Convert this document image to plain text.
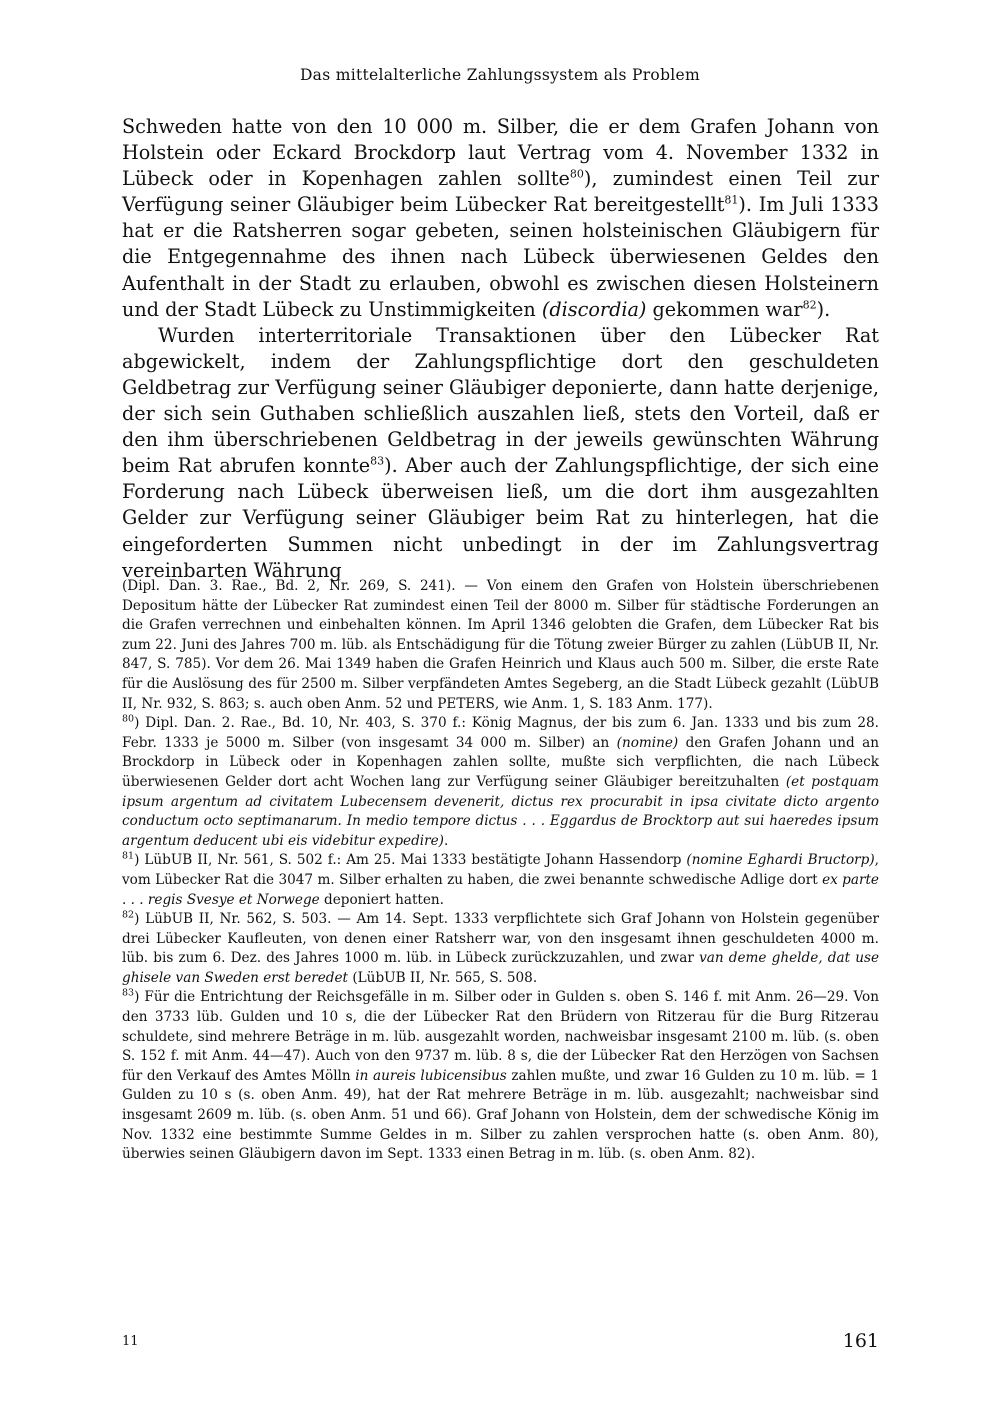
Das mittelalterliche Zahlungssystem als Problem

Schweden hatte von den 10 000 m. Silber, die er dem Grafen Johann von Holstein oder Eckard Brockdorp laut Vertrag vom 4. November 1332 in Lübeck oder in Kopenhagen zahlen sollte$^{80}$), zumindest einen Teil zur Verfügung seiner Gläubiger beim Lübecker Rat bereitgestellt$^{81}$). Im Juli 1333 hat er die Ratsherren sogar gebeten, seinen holsteinischen Gläubigern für die Entgegennahme des ihnen nach Lübeck überwiesenen Geldes den Aufenthalt in der Stadt zu erlauben, obwohl es zwischen diesen Holsteinern und der Stadt Lübeck zu Unstimmigkeiten (discordia) gekommen war$^{82}$).

Wurden interterritoriale Transaktionen über den Lübecker Rat abgewickelt, indem der Zahlungspflichtige dort den geschuldeten Geldbetrag zur Verfügung seiner Gläubiger deponierte, dann hatte derjenige, der sich sein Guthaben schließlich auszahlen ließ, stets den Vorteil, daß er den ihm überschriebenen Geldbetrag in der jeweils gewünschten Währung beim Rat abrufen konnte$^{83}$). Aber auch der Zahlungspflichtige, der sich eine Forderung nach Lübeck überweisen ließ, um die dort ihm ausgezahlten Gelder zur Verfügung seiner Gläubiger beim Rat zu hinterlegen, hat die eingeforderten Summen nicht unbedingt in der im Zahlungsvertrag vereinbarten Währung

(Dipl. Dan. 3. Rae., Bd. 2, Nr. 269, S. 241). — Von einem den Grafen von Holstein überschriebenen Depositum hätte der Lübecker Rat zumindest einen Teil der 8000 m. Silber für städtische Forderungen an die Grafen verrechnen und einbehalten können. Im April 1346 gelobten die Grafen, dem Lübecker Rat bis zum 22. Juni des Jahres 700 m. lüb. als Entschädigung für die Tötung zweier Bürger zu zahlen (LübUB II, Nr. 847, S. 785). Vor dem 26. Mai 1349 haben die Grafen Heinrich und Klaus auch 500 m. Silber, die erste Rate für die Auslösung des für 2500 m. Silber verpfändeten Amtes Segeberg, an die Stadt Lübeck gezahlt (LübUB II, Nr. 932, S. 863; s. auch oben Anm. 52 und PETERS, wie Anm. 1, S. 183 Anm. 177).

$^{80}$) Dipl. Dan. 2. Rae., Bd. 10, Nr. 403, S. 370 f.: König Magnus, der bis zum 6. Jan. 1333 und bis zum 28. Febr. 1333 je 5000 m. Silber (von insgesamt 34 000 m. Silber) an (nomine) den Grafen Johann und an Brockdorp in Lübeck oder in Kopenhagen zahlen sollte, mußte sich verpflichten, die nach Lübeck überwiesenen Gelder dort acht Wochen lang zur Verfügung seiner Gläubiger bereitzuhalten (et postquam ipsum argentum ad civitatem Lubecensem devenerit, dictus rex procurabit in ipsa civitate dicto argento conductum octo septimanarum. In medio tempore dictus . . . Eggardus de Brocktorp aut sui haeredes ipsum argentum deducent ubi eis videbitur expedire).

$^{81}$) LübUB II, Nr. 561, S. 502 f.: Am 25. Mai 1333 bestätigte Johann Hassendorp (nomine Eghardi Bructorp), vom Lübecker Rat die 3047 m. Silber erhalten zu haben, die zwei benannte schwedische Adlige dort ex parte . . . regis Svesye et Norwege deponiert hatten.

$^{82}$) LübUB II, Nr. 562, S. 503. — Am 14. Sept. 1333 verpflichtete sich Graf Johann von Holstein gegenüber drei Lübecker Kaufleuten, von denen einer Ratsherr war, von den insgesamt ihnen geschuldeten 4000 m. lüb. bis zum 6. Dez. des Jahres 1000 m. lüb. in Lübeck zurückzuzahlen, und zwar van deme ghelde, dat use ghisele van Sweden erst beredet (LübUB II, Nr. 565, S. 508.

$^{83}$) Für die Entrichtung der Reichsgefälle in m. Silber oder in Gulden s. oben S. 146 f. mit Anm. 26—29. Von den 3733 lüb. Gulden und 10 s, die der Lübecker Rat den Brüdern von Ritzerau für die Burg Ritzerau schuldete, sind mehrere Beträge in m. lüb. ausgezahlt worden, nachweisbar insgesamt 2100 m. lüb. (s. oben S. 152 f. mit Anm. 44—47). Auch von den 9737 m. lüb. 8 s, die der Lübecker Rat den Herzögen von Sachsen für den Verkauf des Amtes Mölln in aureis lubicensibus zahlen mußte, und zwar 16 Gulden zu 10 m. lüb. = 1 Gulden zu 10 s (s. oben Anm. 49), hat der Rat mehrere Beträge in m. lüb. ausgezahlt; nachweisbar sind insgesamt 2609 m. lüb. (s. oben Anm. 51 und 66). Graf Johann von Holstein, dem der schwedische König im Nov. 1332 eine bestimmte Summe Geldes in m. Silber zu zahlen versprochen hatte (s. oben Anm. 80), überwies seinen Gläubigern davon im Sept. 1333 einen Betrag in m. lüb. (s. oben Anm. 82).

11	161
